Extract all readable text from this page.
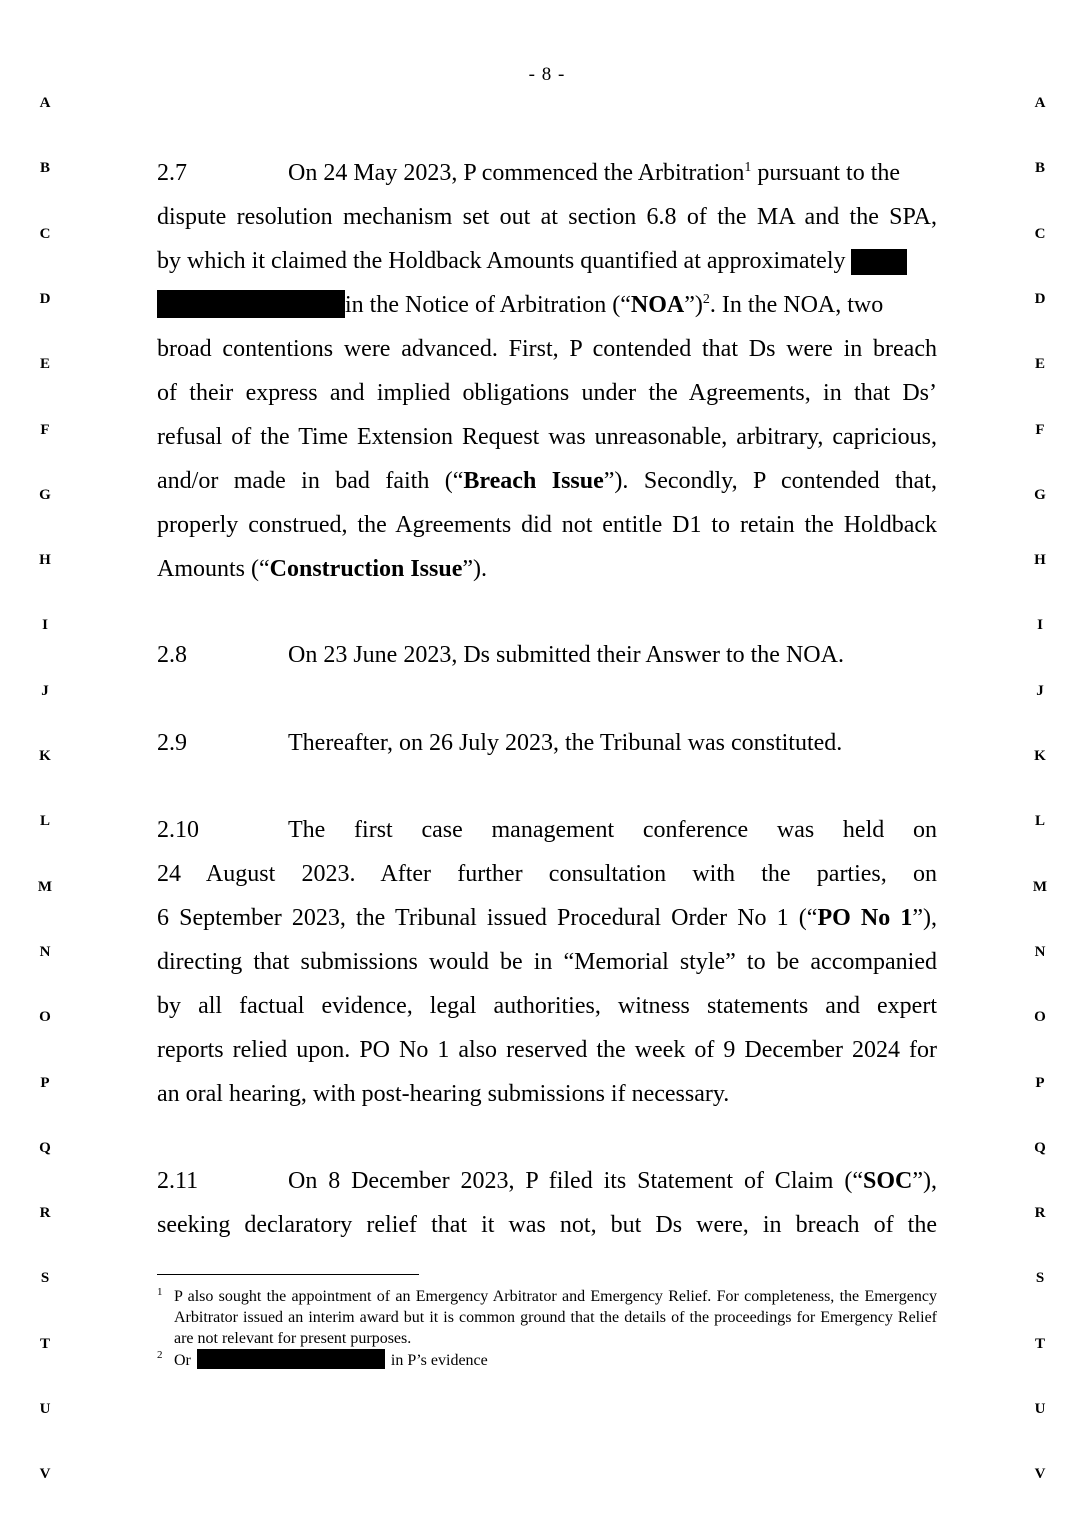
- 8 -
A
B
C
D
E
F
G
H
I
J
K
L
M
N
O
P
Q
R
S
T
U
V
A
B
C
D
E
F
G
H
I
J
K
L
M
N
O
P
Q
R
S
T
U
V
2.7	On 24 May 2023, P commenced the Arbitration$^1$ pursuant to the
dispute resolution mechanism set out at section 6.8 of the MA and the SPA,
by which it claimed the Holdback Amounts quantified at approximately
in the Notice of Arbitration (“NOA”)$^2$. In the NOA, two
broad contentions were advanced. First, P contended that Ds were in breach
of their express and implied obligations under the Agreements, in that Ds’
refusal of the Time Extension Request was unreasonable, arbitrary, capricious,
and/or made in bad faith (“Breach Issue”). Secondly, P contended that,
properly construed, the Agreements did not entitle D1 to retain the Holdback
Amounts (“Construction Issue”).
2.8	On 23 June 2023, Ds submitted their Answer to the NOA.
2.9	Thereafter, on 26 July 2023, the Tribunal was constituted.
2.10	The first case management conference was held on
24 August 2023. After further consultation with the parties, on
6 September 2023, the Tribunal issued Procedural Order No 1 (“PO No 1”),
directing that submissions would be in “Memorial style” to be accompanied
by all factual evidence, legal authorities, witness statements and expert
reports relied upon. PO No 1 also reserved the week of 9 December 2024 for
an oral hearing, with post-hearing submissions if necessary.
2.11	On 8 December 2023, P filed its Statement of Claim (“SOC”),
seeking declaratory relief that it was not, but Ds were, in breach of the
1 P also sought the appointment of an Emergency Arbitrator and Emergency Relief. For completeness, the Emergency Arbitrator issued an interim award but it is common ground that the details of the proceedings for Emergency Relief are not relevant for present purposes.
2 Or	in P’s evidence
